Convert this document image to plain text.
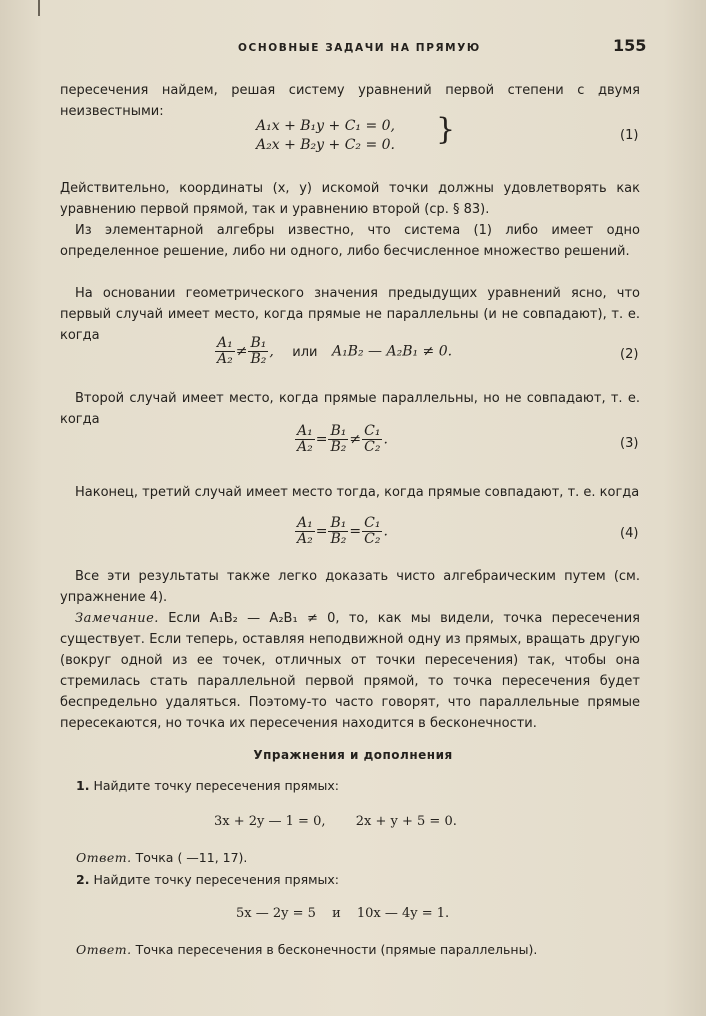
ОСНОВНЫЕ ЗАДАЧИ НА ПРЯМУЮ	155
пересечения найдем, решая систему уравнений первой степени с двумя неизвестными:
A₁x + B₁y + C₁ = 0,
A₂x + B₂y + C₂ = 0. }	(1)
Действительно, координаты (x, y) искомой точки должны удовлетворять как уравнению первой прямой, так и уравнению второй (ср. § 83).
Из элементарной алгебры известно, что система (1) либо имеет одно определенное решение, либо ни одного, либо бесчисленное множество решений.
На основании геометрического значения предыдущих уравнений ясно, что первый случай имеет место, когда прямые не параллельны (и не совпадают), т. е. когда
$\frac{\text{A₁}}{\text{A₂}} \ne \frac{\text{B₁}}{\text{B₂}}$ , или A₁B₂ — A₂B₁ ≠ 0.	(2)
Второй случай имеет место, когда прямые параллельны, но не совпадают, т. е. когда
$\frac{\text{A₁}}{\text{A₂}} = \frac{\text{B₁}}{\text{B₂}} \ne \frac{\text{C₁}}{\text{C₂}}$ .	(3)
Наконец, третий случай имеет место тогда, когда прямые совпадают, т. е. когда
$\frac{\text{A₁}}{\text{A₂}} = \frac{\text{B₁}}{\text{B₂}} = \frac{\text{C₁}}{\text{C₂}}$ .	(4)
Все эти результаты также легко доказать чисто алгебраическим путем (см. упражнение 4).
Замечание. Если A₁B₂ — A₂B₁ ≠ 0, то, как мы видели, точка пересечения существует. Если теперь, оставляя неподвижной одну из прямых, вращать другую (вокруг одной из ее точек, отличных от точки пересечения) так, чтобы она стремилась стать параллельной первой прямой, то точка пересечения будет беспредельно удаляться. Поэтому-то часто говорят, что параллельные прямые пересекаются, но точка их пересечения находится в бесконечности.
Упражнения и дополнения
1. Найдите точку пересечения прямых:
3x + 2y — 1 = 0, 2x + y + 5 = 0.
Ответ. Точка ( —11, 17).
2. Найдите точку пересечения прямых:
5x — 2y = 5 и 10x — 4y = 1.
Ответ. Точка пересечения в бесконечности (прямые параллельны).
